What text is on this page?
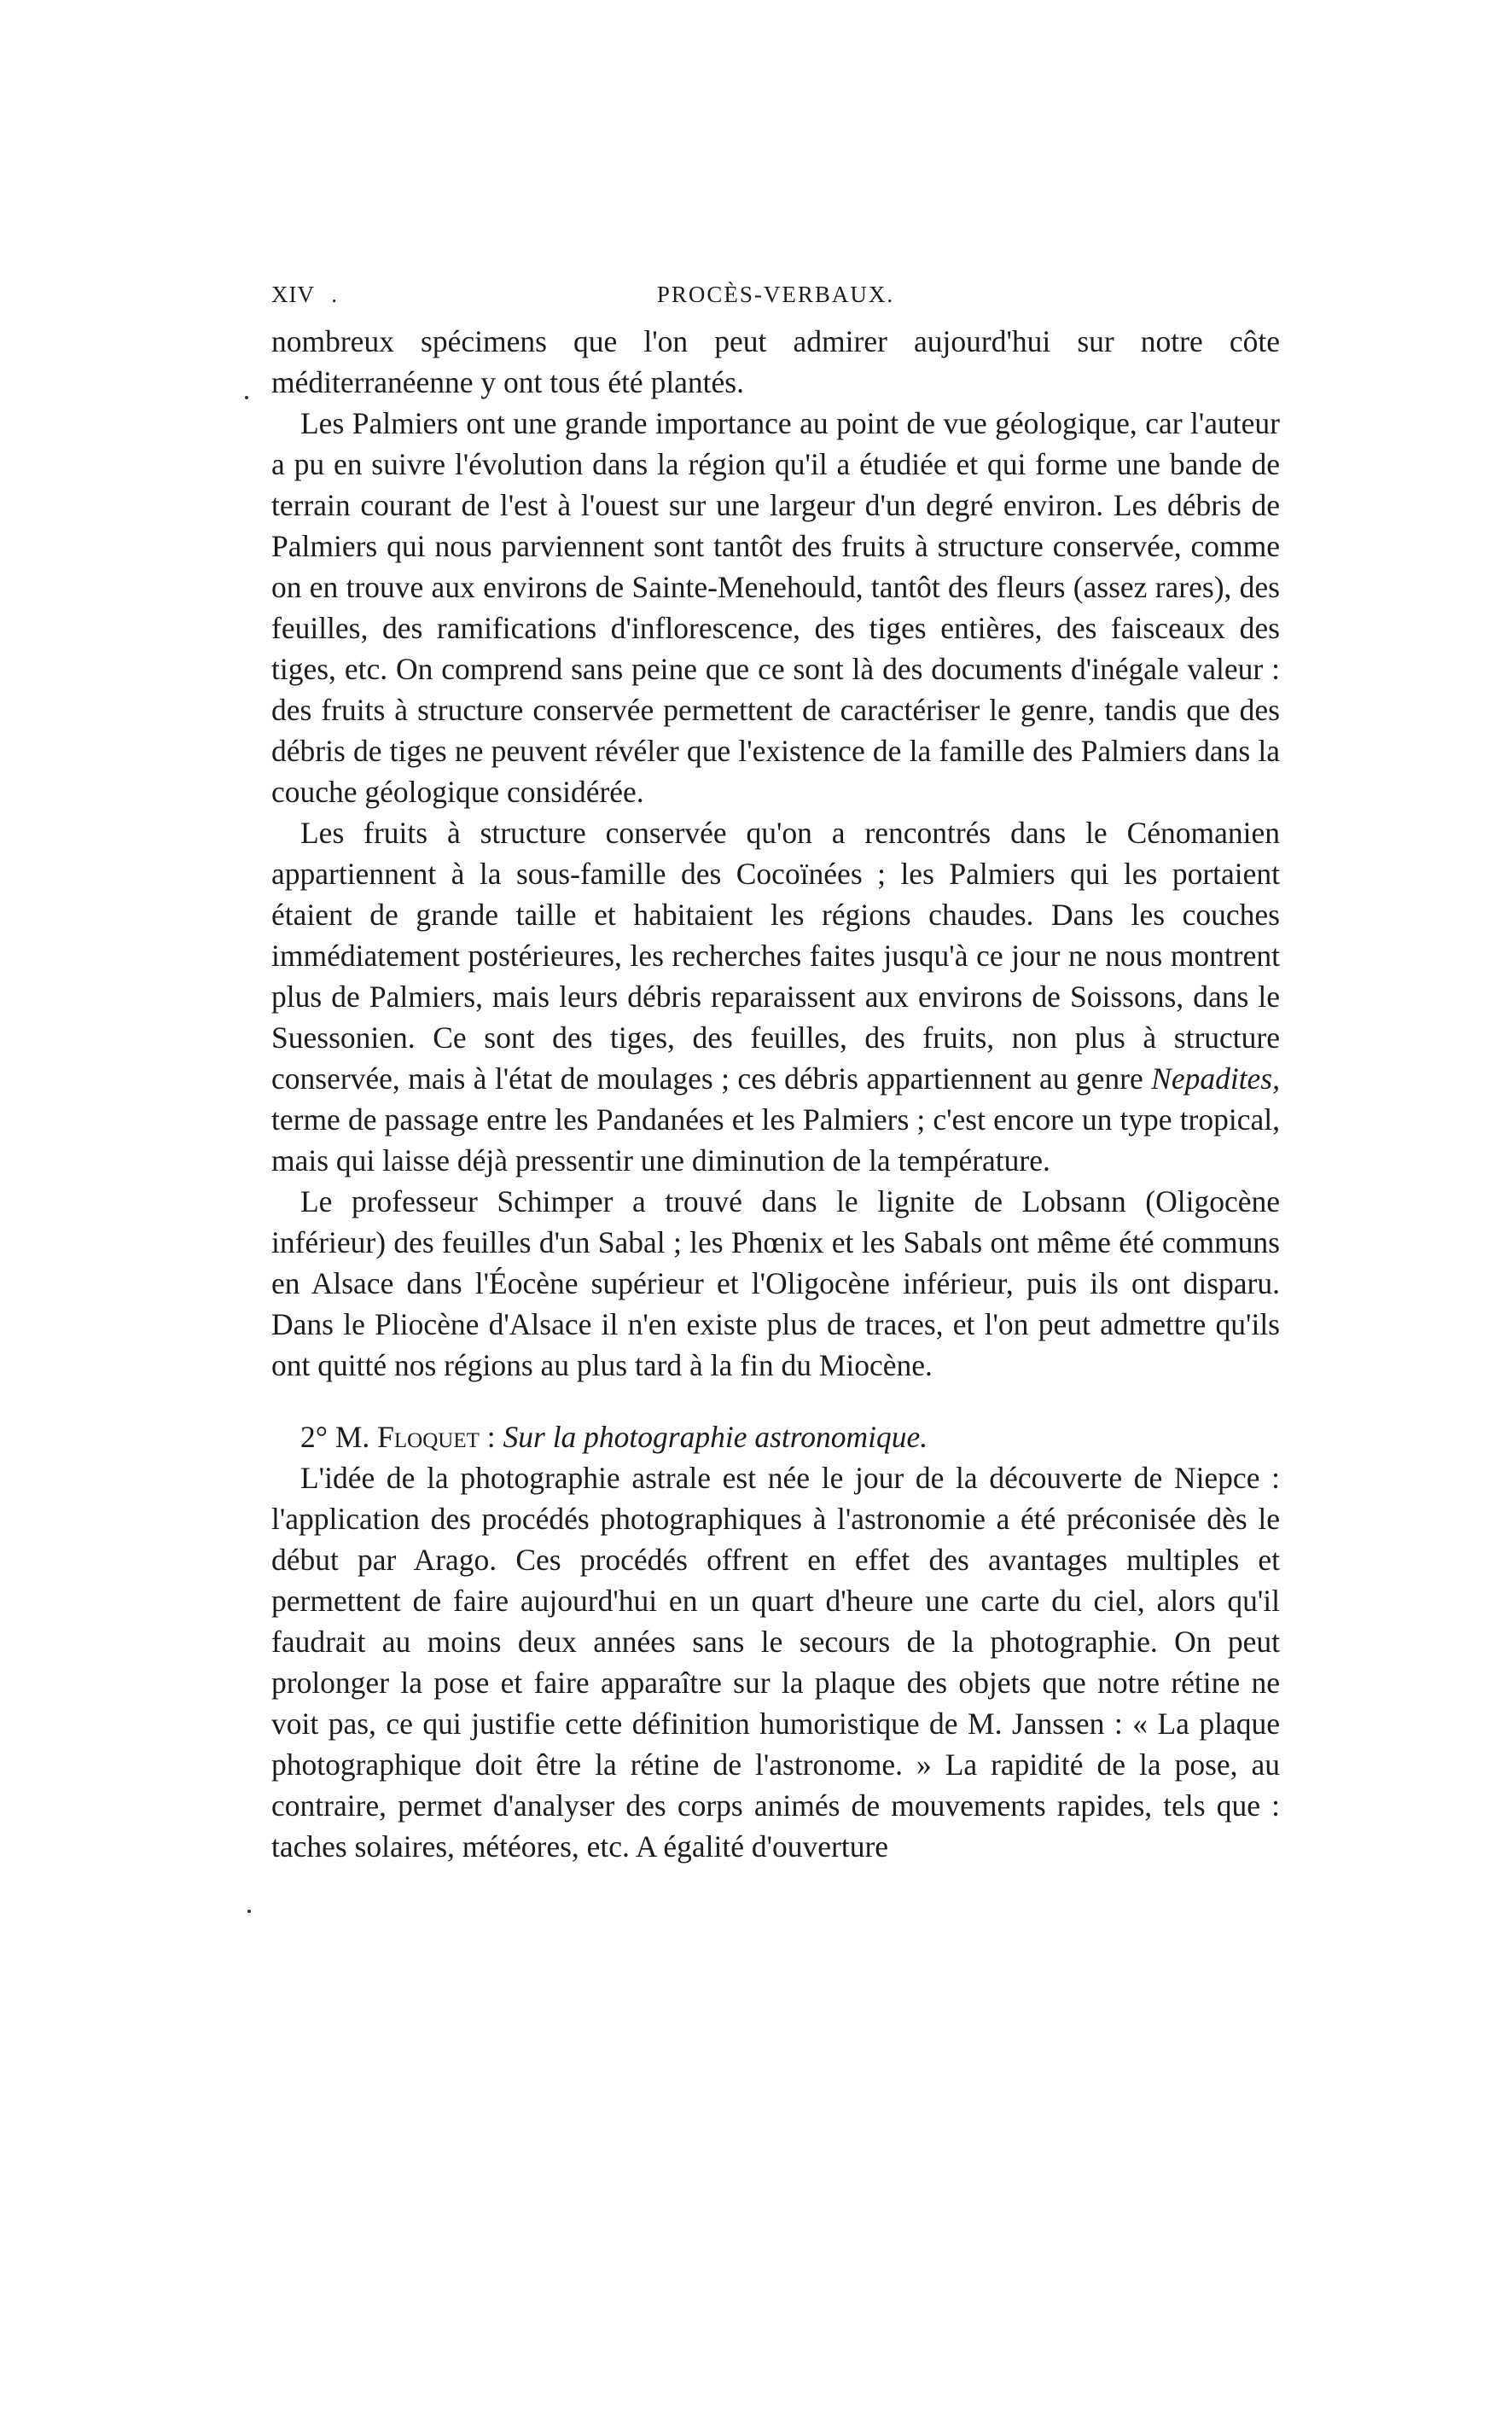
XIV .	PROCÈS-VERBAUX.

nombreux spécimens que l'on peut admirer aujourd'hui sur notre côte méditerranéenne y ont tous été plantés.

Les Palmiers ont une grande importance au point de vue géologique, car l'auteur a pu en suivre l'évolution dans la région qu'il a étudiée et qui forme une bande de terrain courant de l'est à l'ouest sur une largeur d'un degré environ. Les débris de Palmiers qui nous parviennent sont tantôt des fruits à structure conservée, comme on en trouve aux environs de Sainte-Menehould, tantôt des fleurs (assez rares), des feuilles, des ramifications d'inflorescence, des tiges entières, des faisceaux des tiges, etc. On comprend sans peine que ce sont là des documents d'inégale valeur : des fruits à structure conservée permettent de caractériser le genre, tandis que des débris de tiges ne peuvent révéler que l'existence de la famille des Palmiers dans la couche géologique considérée.

Les fruits à structure conservée qu'on a rencontrés dans le Cénomanien appartiennent à la sous-famille des Cocoïnées ; les Palmiers qui les portaient étaient de grande taille et habitaient les régions chaudes. Dans les couches immédiatement postérieures, les recherches faites jusqu'à ce jour ne nous montrent plus de Palmiers, mais leurs débris reparaissent aux environs de Soissons, dans le Suessonien. Ce sont des tiges, des feuilles, des fruits, non plus à structure conservée, mais à l'état de moulages ; ces débris appartiennent au genre Nepadites, terme de passage entre les Pandanées et les Palmiers ; c'est encore un type tropical, mais qui laisse déjà pressentir une diminution de la température.

Le professeur Schimper a trouvé dans le lignite de Lobsann (Oligocène inférieur) des feuilles d'un Sabal ; les Phœnix et les Sabals ont même été communs en Alsace dans l'Éocène supérieur et l'Oligocène inférieur, puis ils ont disparu. Dans le Pliocène d'Alsace il n'en existe plus de traces, et l'on peut admettre qu'ils ont quitté nos régions au plus tard à la fin du Miocène.

2° M. Floquet : Sur la photographie astronomique.

L'idée de la photographie astrale est née le jour de la découverte de Niepce : l'application des procédés photographiques à l'astronomie a été préconisée dès le début par Arago. Ces procédés offrent en effet des avantages multiples et permettent de faire aujourd'hui en un quart d'heure une carte du ciel, alors qu'il faudrait au moins deux années sans le secours de la photographie. On peut prolonger la pose et faire apparaître sur la plaque des objets que notre rétine ne voit pas, ce qui justifie cette définition humoristique de M. Janssen : « La plaque photographique doit être la rétine de l'astronome. » La rapidité de la pose, au contraire, permet d'analyser des corps animés de mouvements rapides, tels que : taches solaires, météores, etc. A égalité d'ouverture
